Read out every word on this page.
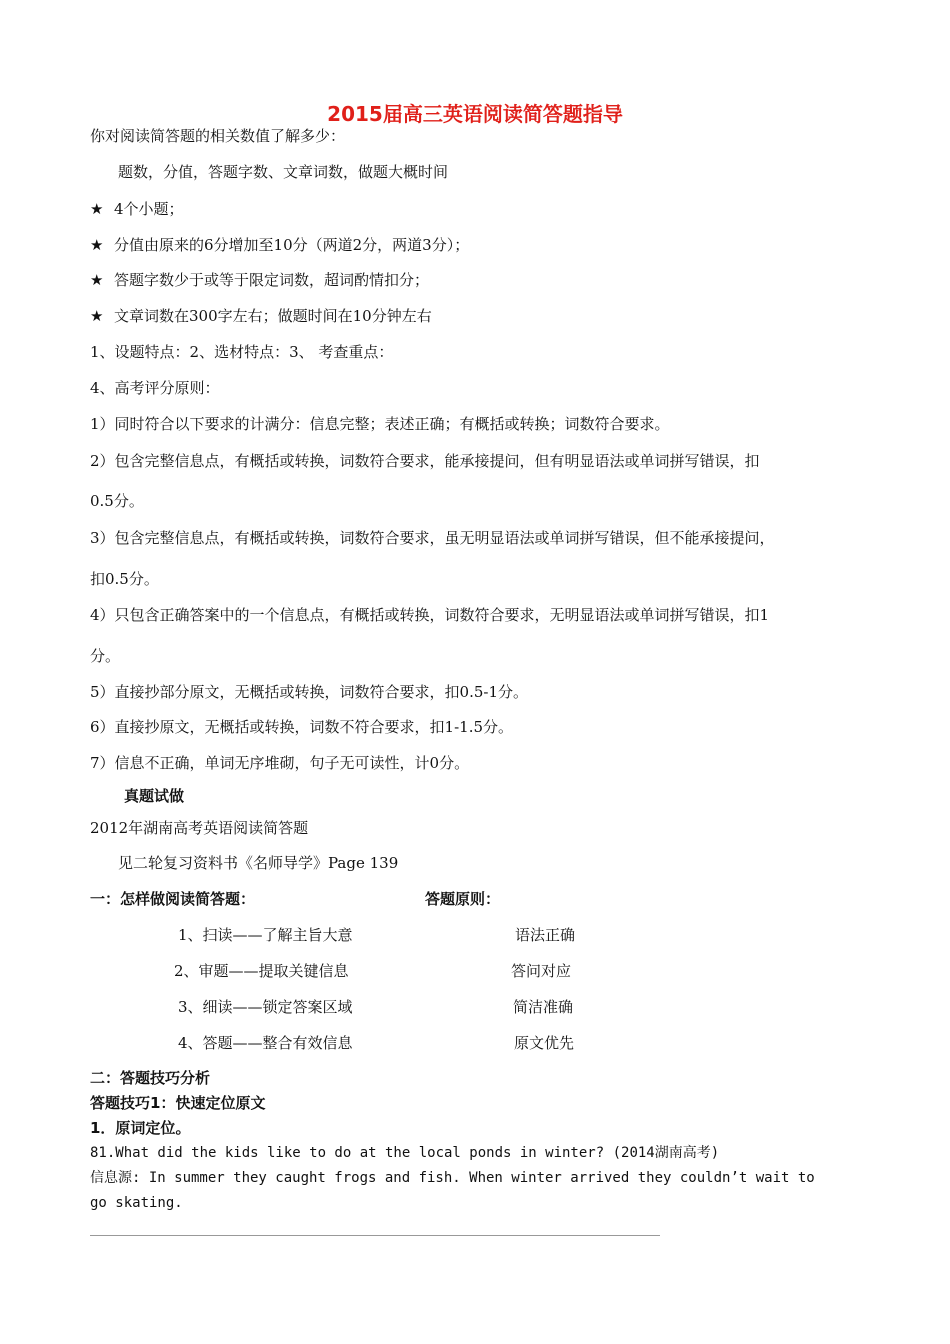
2015届高三英语阅读简答题指导
你对阅读简答题的相关数值了解多少：
题数，分值，答题字数、文章词数，做题大概时间
★ 4个小题；
★ 分值由原来的6分增加至10分（两道2分，两道3分）；
★ 答题字数少于或等于限定词数，超词酌情扣分；
★ 文章词数在300字左右；做题时间在10分钟左右
1、设题特点：2、选材特点：3、 考查重点：
4、高考评分原则：
1）同时符合以下要求的计满分：信息完整；表述正确；有概括或转换；词数符合要求。
2）包含完整信息点，有概括或转换，词数符合要求，能承接提问，但有明显语法或单词拼写错误，扣
0.5分。
3）包含完整信息点，有概括或转换，词数符合要求，虽无明显语法或单词拼写错误，但不能承接提问，
扣0.5分。
4）只包含正确答案中的一个信息点，有概括或转换，词数符合要求，无明显语法或单词拼写错误，扣1
分。
5）直接抄部分原文，无概括或转换，词数符合要求，扣0.5-1分。
6）直接抄原文，无概括或转换，词数不符合要求，扣1-1.5分。
7）信息不正确，单词无序堆砌，句子无可读性，计0分。
真题试做
2012年湖南高考英语阅读简答题
见二轮复习资料书《名师导学》Page 139
一：怎样做阅读简答题：	答题原则：
1、扫读——了解主旨大意	语法正确
2、审题——提取关键信息	答问对应
3、细读——锁定答案区域	简洁准确
4、答题——整合有效信息	原文优先
二：答题技巧分析
答题技巧1：快速定位原文
1．原词定位。
81.What did the kids like to do at the local ponds in winter? (2014湖南高考)
信息源: In summer they caught frogs and fish. When winter arrived they couldn’t wait to
go skating.
